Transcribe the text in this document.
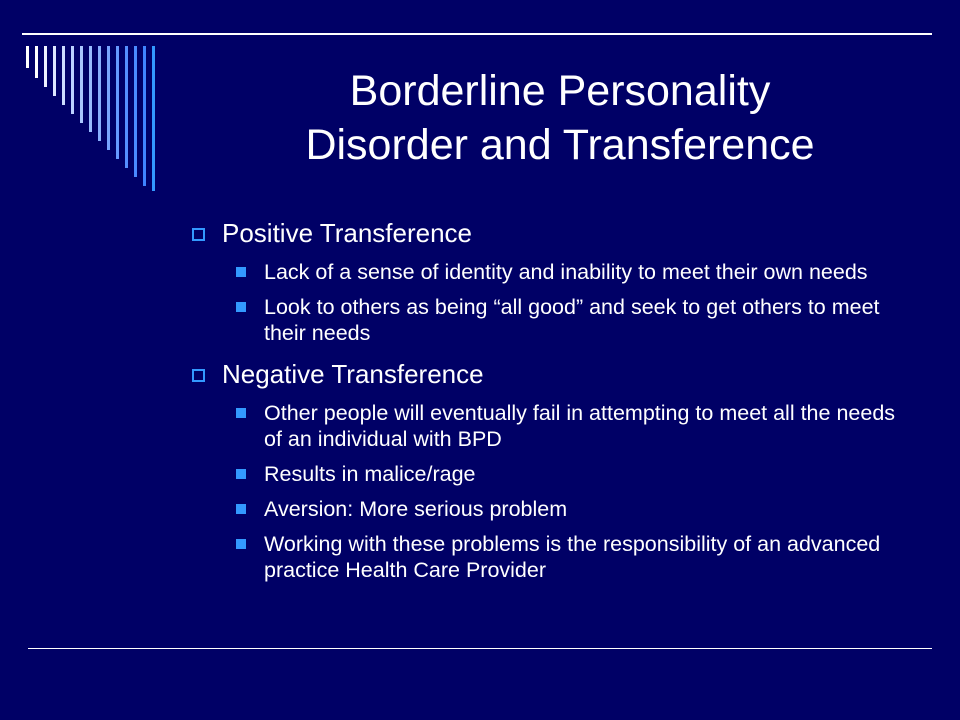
Borderline Personality
Disorder and Transference
Positive Transference
Lack of a sense of identity and inability to meet their own needs
Look to others as being “all good” and seek to get others to meet their needs
Negative Transference
Other people will eventually fail in attempting to meet all the needs of an individual with BPD
Results in malice/rage
Aversion: More serious problem
Working with these problems is the responsibility of an advanced practice Health Care Provider
